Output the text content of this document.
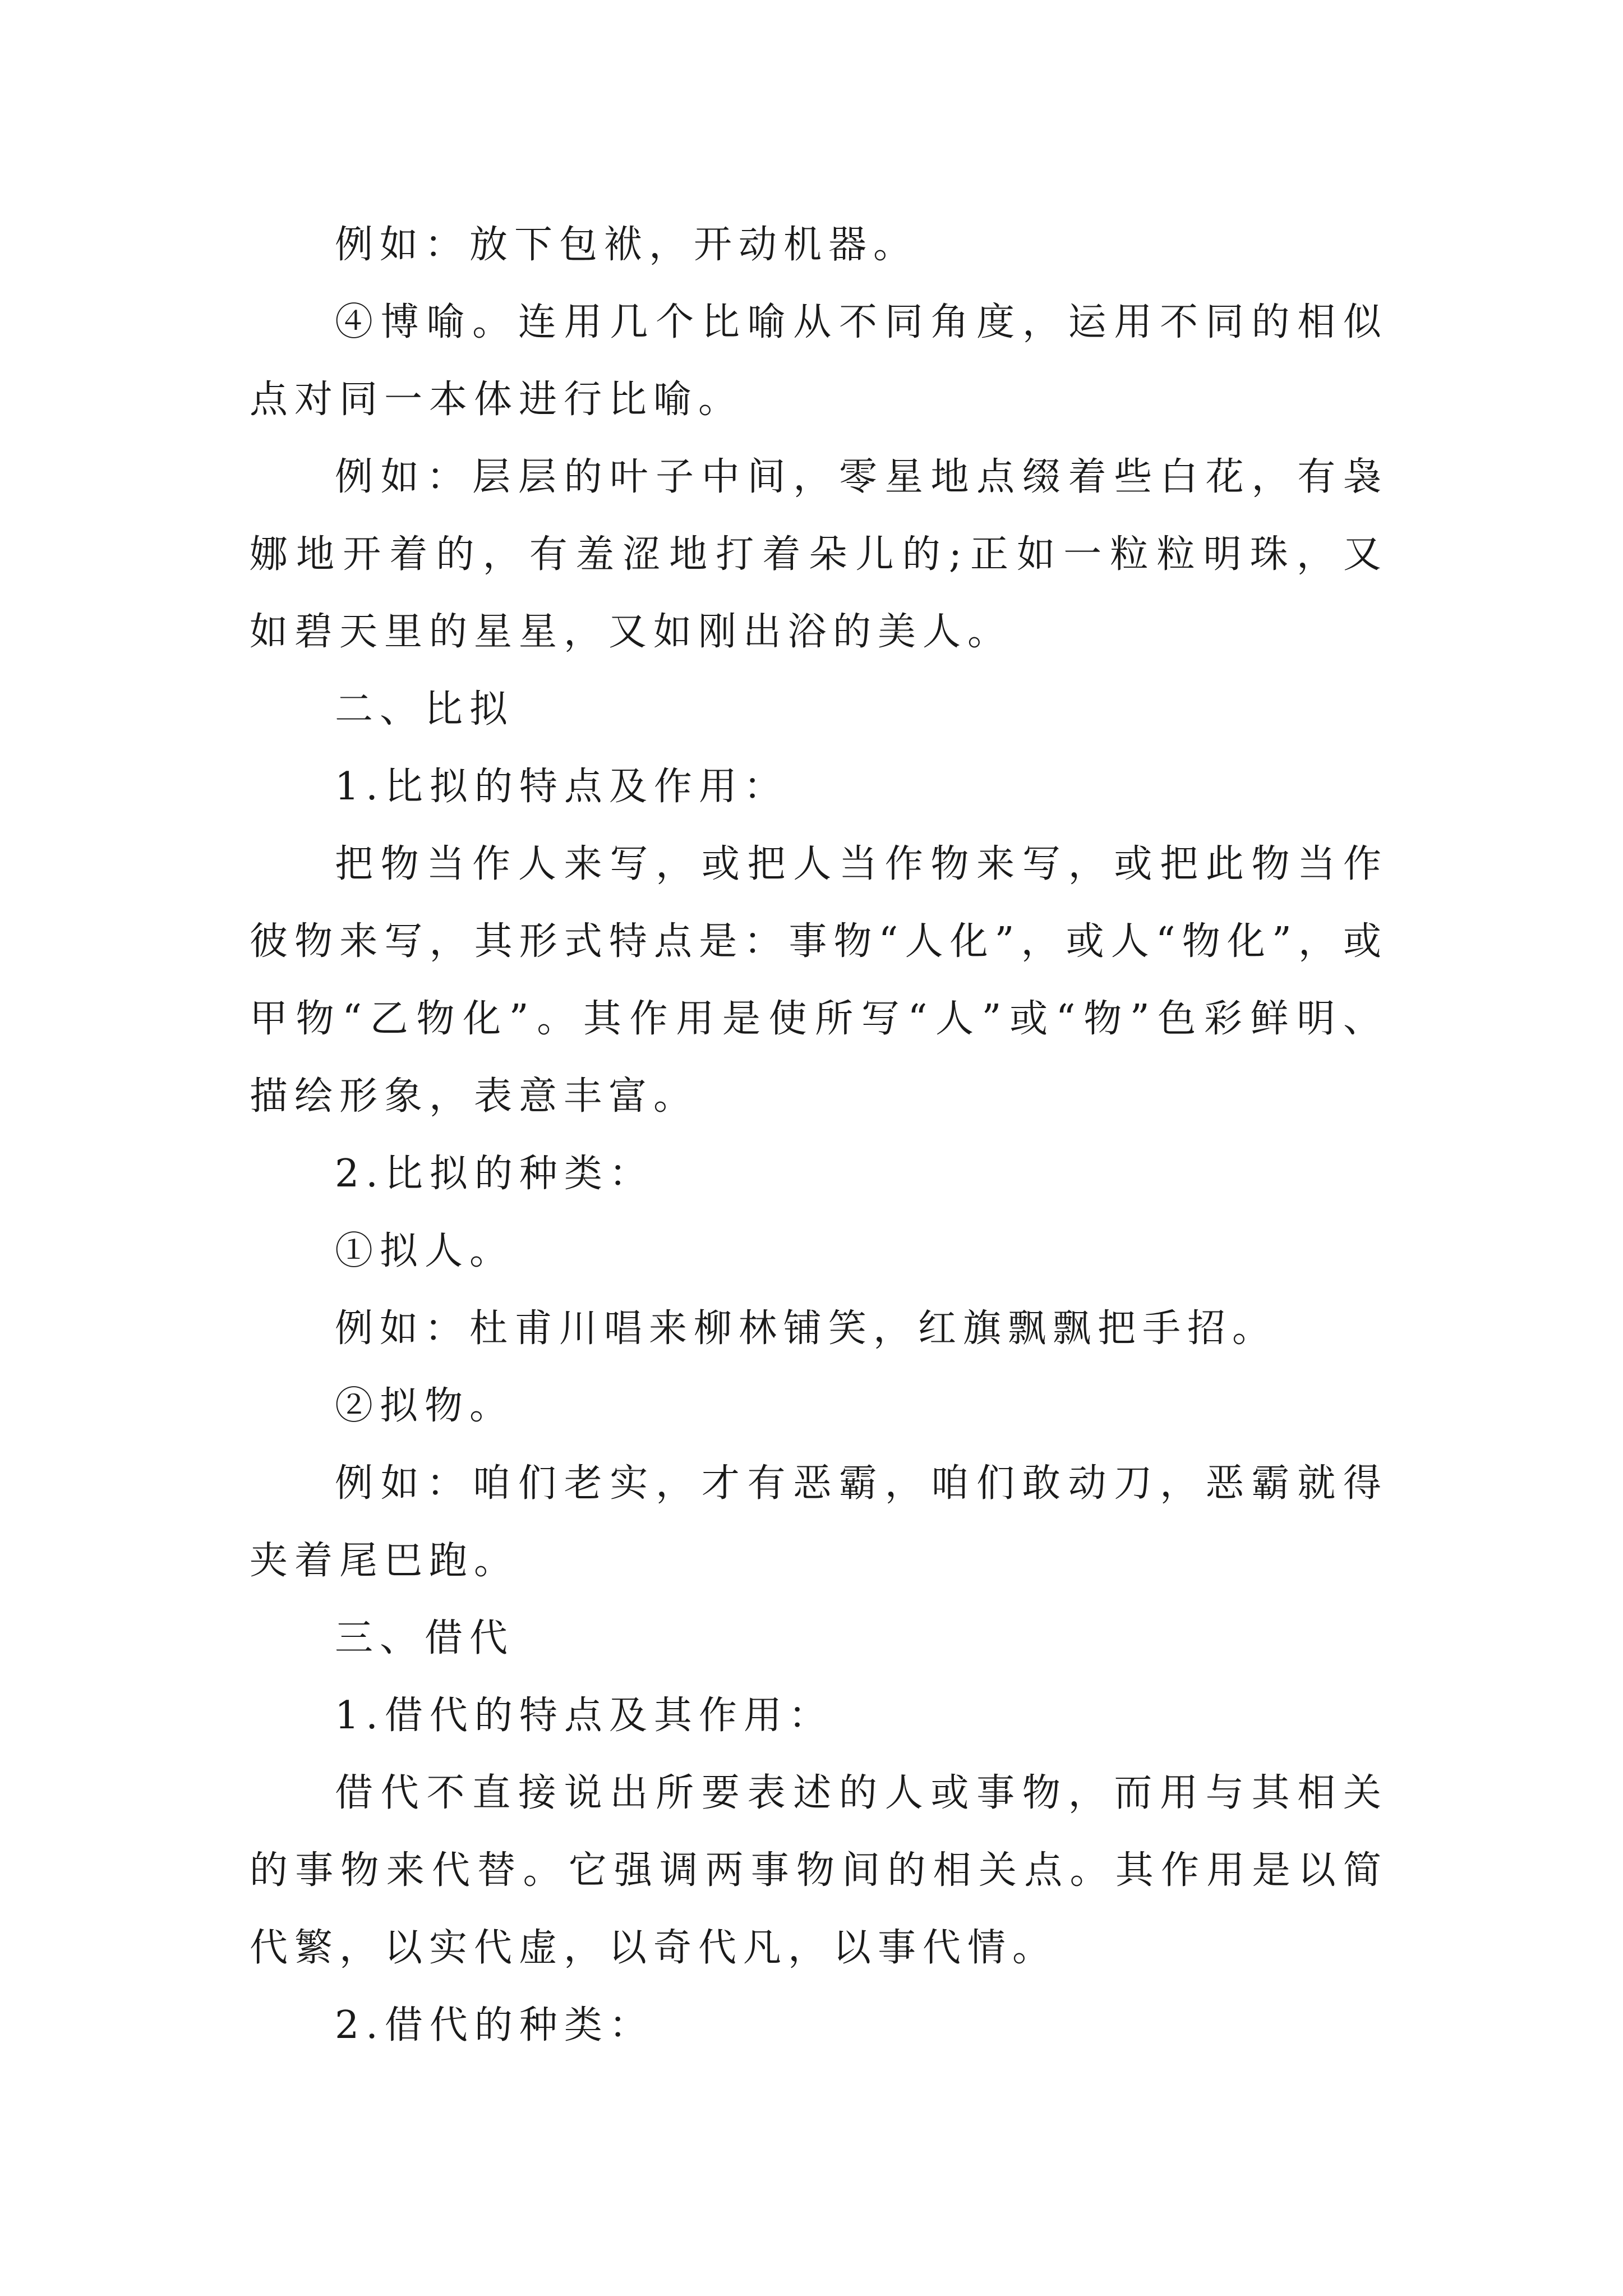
例如：放下包袱，开动机器。

④博喻。连用几个比喻从不同角度，运用不同的相似点对同一本体进行比喻。

例如：层层的叶子中间，零星地点缀着些白花，有袅娜地开着的，有羞涩地打着朵儿的;正如一粒粒明珠，又如碧天里的星星，又如刚出浴的美人。

二、比拟

1.比拟的特点及作用：

把物当作人来写，或把人当作物来写，或把此物当作彼物来写，其形式特点是：事物“人化”，或人“物化”，或甲物“乙物化”。其作用是使所写“人”或“物”色彩鲜明、描绘形象，表意丰富。

2.比拟的种类：

①拟人。

例如：杜甫川唱来柳林铺笑，红旗飘飘把手招。

②拟物。

例如：咱们老实，才有恶霸，咱们敢动刀，恶霸就得夹着尾巴跑。

三、借代

1.借代的特点及其作用：

借代不直接说出所要表述的人或事物，而用与其相关的事物来代替。它强调两事物间的相关点。其作用是以简代繁，以实代虚，以奇代凡，以事代情。

2.借代的种类：
